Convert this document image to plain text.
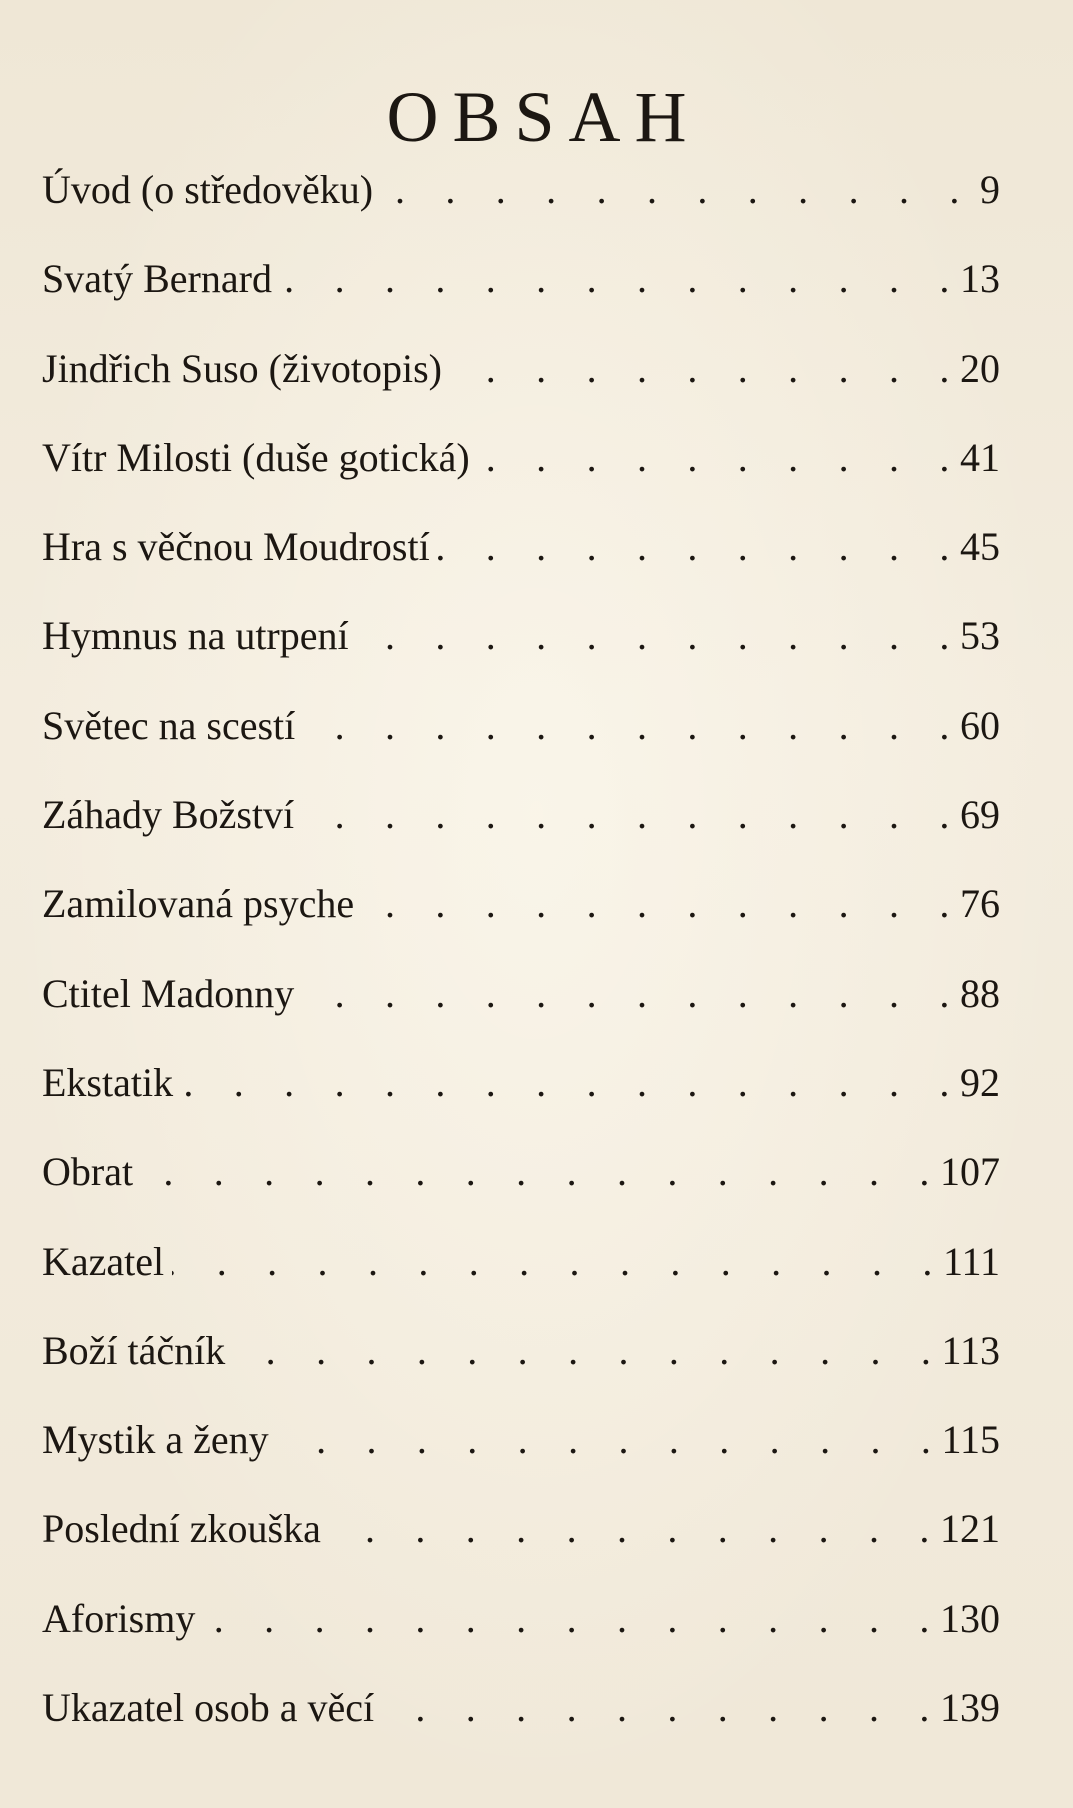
OBSAH
Úvod (o středověku) .   .	9
Svatý Bernard .   .	13
Jindřich Suso (životopis) .   .	20
Vítr Milosti (duše gotická) .   .	41
Hra s věčnou Moudrostí .   .	45
Hymnus na utrpení .   .	53
Světec na scestí .   .	60
Záhady Božství .   .	69
Zamilovaná psyche .   .	76
Ctitel Madonny .   .	88
Ekstatik .   .	92
Obrat .   .	107
Kazatel .   .	111
Boží táčník .   .	113
Mystik a ženy .   .	115
Poslední zkouška .   .	121
Aforismy .   .	130
Ukazatel osob a věcí .   .	139
